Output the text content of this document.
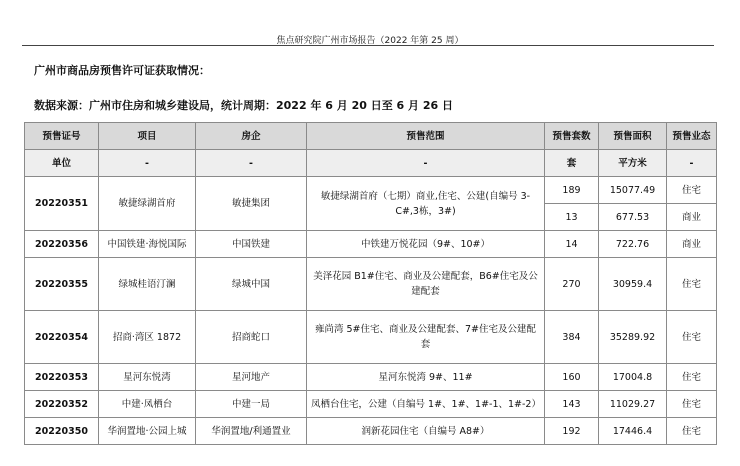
焦点研究院广州市场报告（2022 年第 25 周）
广州市商品房预售许可证获取情况：
数据来源：广州市住房和城乡建设局，统计周期：2022 年 6 月 20 日至 6 月 26 日
预售证号	项目	房企	预售范围	预售套数	预售面积	预售业态
单位	-	-	-	套	平方米	-
20220351	敏捷绿湖首府	敏捷集团	敏捷绿湖首府（七期）商业,住宅、公建(自编号 3-C#,3栋，3#)	189	15077.49	住宅
				13	677.53	商业
20220356	中国铁建·海悦国际	中国铁建	中铁建万悦花园（9#、10#）	14	722.76	商业
20220355	绿城桂语汀澜	绿城中国	美泽花园 B1#住宅、商业及公建配套，B6#住宅及公建配套	270	30959.4	住宅
20220354	招商·湾区 1872	招商蛇口	雍尚湾 5#住宅、商业及公建配套、7#住宅及公建配套	384	35289.92	住宅
20220353	星河东悦湾	星河地产	星河东悦湾 9#、11#	160	17004.8	住宅
20220352	中建·凤栖台	中建一局	凤栖台住宅，公建（自编号 1#、1#、1#-1、1#-2）	143	11029.27	住宅
20220350	华润置地·公园上城	华润置地/利通置业	润新花园住宅（自编号 A8#）	192	17446.4	住宅
